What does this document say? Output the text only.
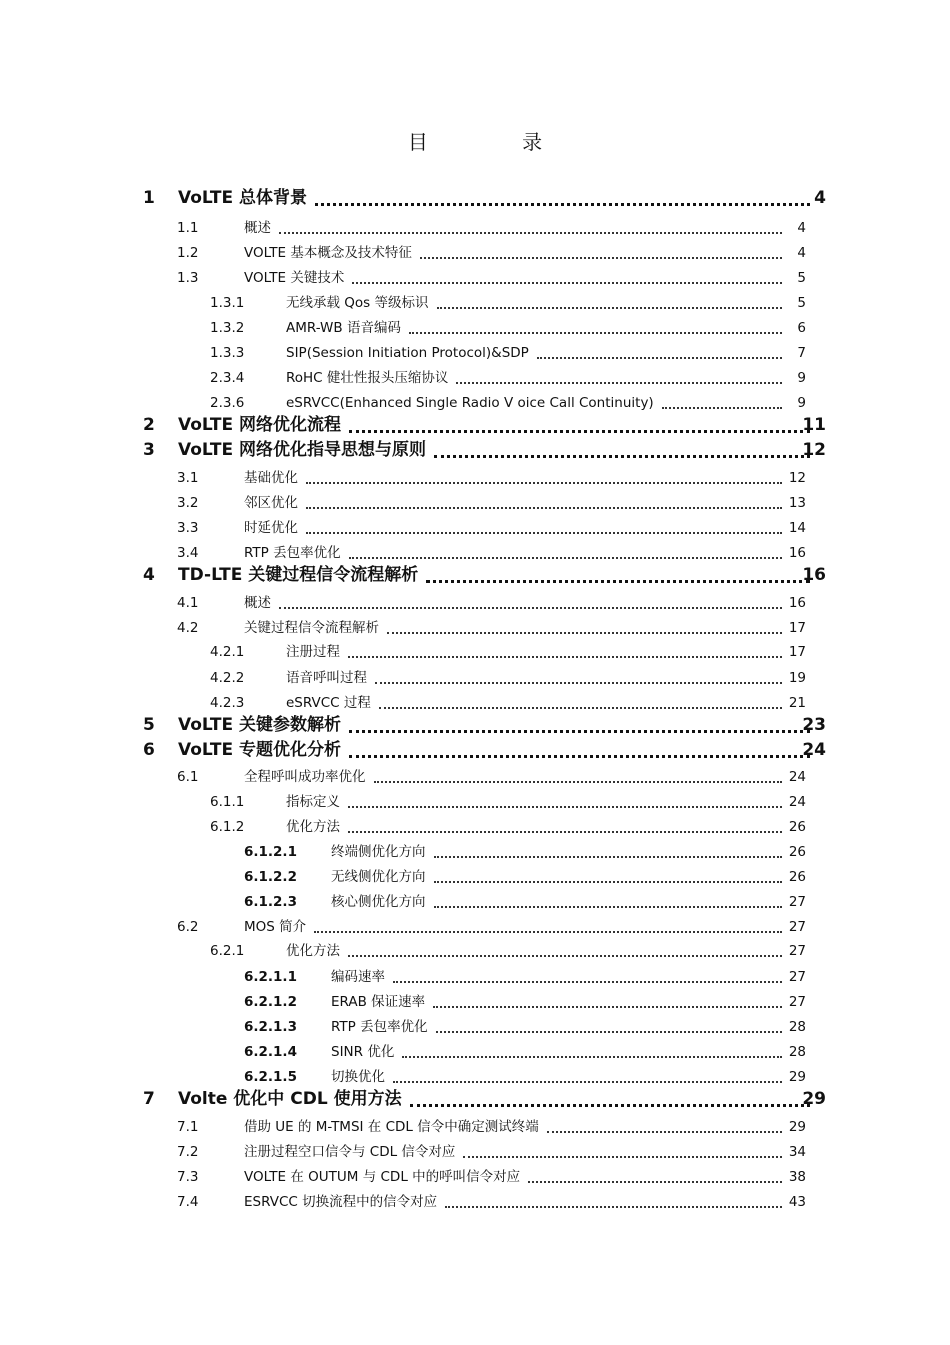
目 录
1 VoLTE 总体背景	4
1.1	概述	4
1.2	VOLTE 基本概念及技术特征	4
1.3	VOLTE 关键技术	5
1.3.1	无线承载 Qos 等级标识	5
1.3.2	AMR-WB 语音编码	6
1.3.3	SIP(Session Initiation Protocol)&SDP	7
2.3.4	RoHC 健壮性报头压缩协议	9
2.3.6	eSRVCC(Enhanced Single Radio V oice Call Continuity)	9
2 VoLTE 网络优化流程	11
3 VoLTE 网络优化指导思想与原则	12
3.1	基础优化	12
3.2	邻区优化	13
3.3	时延优化	14
3.4	RTP 丢包率优化	16
4 TD-LTE 关键过程信令流程解析	16
4.1	概述	16
4.2	关键过程信令流程解析	17
4.2.1	注册过程	17
4.2.2	语音呼叫过程	19
4.2.3	eSRVCC 过程	21
5 VoLTE 关键参数解析	23
6 VoLTE 专题优化分析	24
6.1	全程呼叫成功率优化	24
6.1.1	指标定义	24
6.1.2	优化方法	26
6.1.2.1	终端侧优化方向	26
6.1.2.2	无线侧优化方向	26
6.1.2.3	核心侧优化方向	27
6.2	MOS 简介	27
6.2.1	优化方法	27
6.2.1.1	编码速率	27
6.2.1.2	ERAB 保证速率	27
6.2.1.3	RTP 丢包率优化	28
6.2.1.4	SINR 优化	28
6.2.1.5	切换优化	29
7 Volte 优化中 CDL 使用方法	29
7.1	借助 UE 的 M-TMSI 在 CDL 信令中确定测试终端	29
7.2	注册过程空口信令与 CDL 信令对应	34
7.3	VOLTE 在 OUTUM 与 CDL 中的呼叫信令对应	38
7.4	ESRVCC 切换流程中的信令对应	43
